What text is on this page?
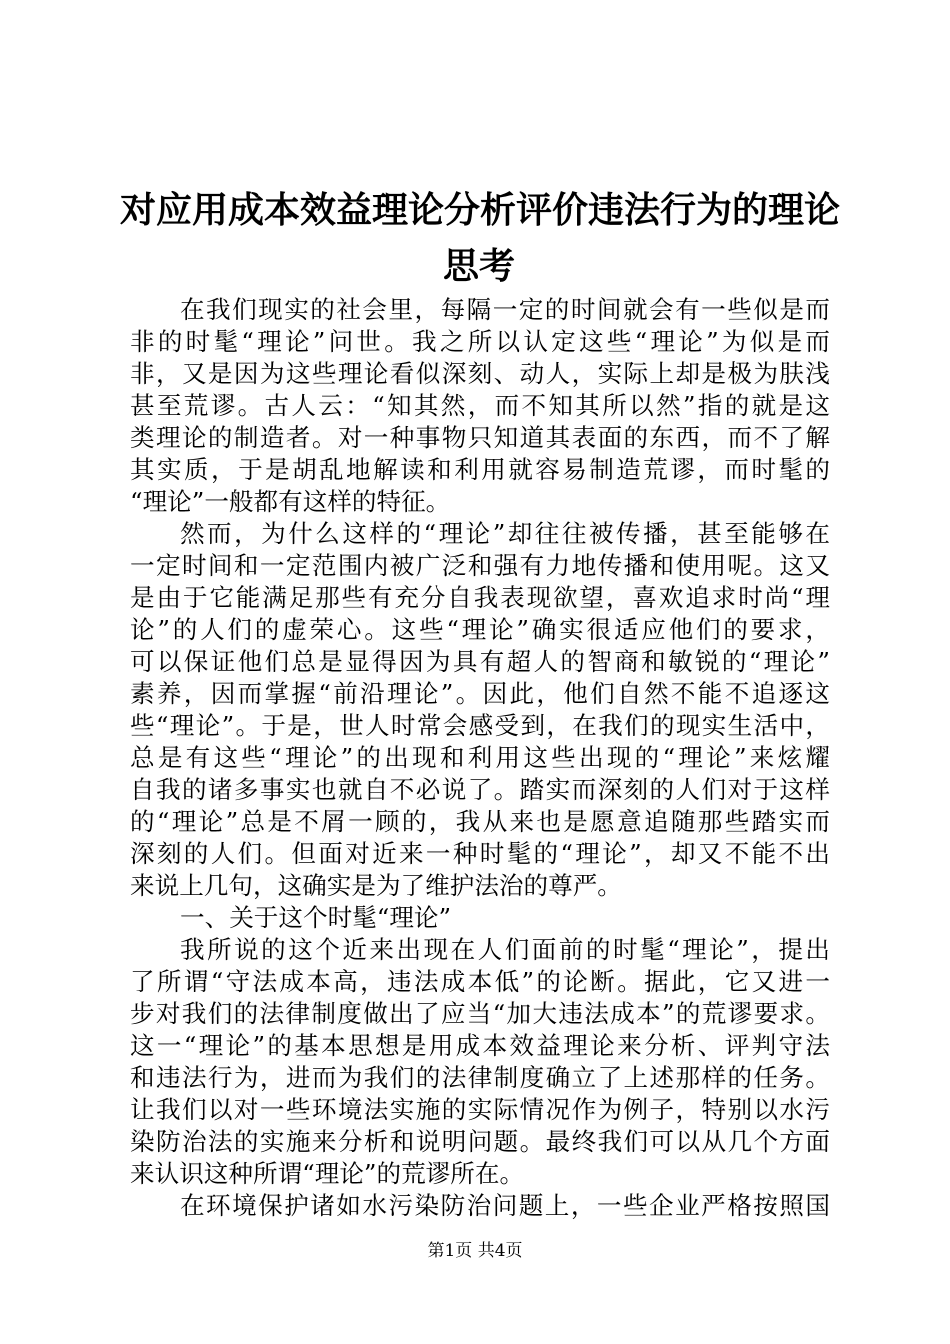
对应用成本效益理论分析评价违法行为的理论
思考
在我们现实的社会里，每隔一定的时间就会有一些似是而
非的时髦“理论”问世。我之所以认定这些“理论”为似是而
非，又是因为这些理论看似深刻、动人，实际上却是极为肤浅
甚至荒谬。古人云：“知其然，而不知其所以然”指的就是这
类理论的制造者。对一种事物只知道其表面的东西，而不了解
其实质，于是胡乱地解读和利用就容易制造荒谬，而时髦的
“理论”一般都有这样的特征。
然而，为什么这样的“理论”却往往被传播，甚至能够在
一定时间和一定范围内被广泛和强有力地传播和使用呢。这又
是由于它能满足那些有充分自我表现欲望，喜欢追求时尚“理
论”的人们的虚荣心。这些“理论”确实很适应他们的要求，
可以保证他们总是显得因为具有超人的智商和敏锐的“理论”
素养，因而掌握“前沿理论”。因此，他们自然不能不追逐这
些“理论”。于是，世人时常会感受到，在我们的现实生活中，
总是有这些“理论”的出现和利用这些出现的“理论”来炫耀
自我的诸多事实也就自不必说了。踏实而深刻的人们对于这样
的“理论”总是不屑一顾的，我从来也是愿意追随那些踏实而
深刻的人们。但面对近来一种时髦的“理论”，却又不能不出
来说上几句，这确实是为了维护法治的尊严。
一、关于这个时髦“理论”
我所说的这个近来出现在人们面前的时髦“理论”，提出
了所谓“守法成本高，违法成本低”的论断。据此，它又进一
步对我们的法律制度做出了应当“加大违法成本”的荒谬要求。
这一“理论”的基本思想是用成本效益理论来分析、评判守法
和违法行为，进而为我们的法律制度确立了上述那样的任务。
让我们以对一些环境法实施的实际情况作为例子，特别以水污
染防治法的实施来分析和说明问题。最终我们可以从几个方面
来认识这种所谓“理论”的荒谬所在。
在环境保护诸如水污染防治问题上，一些企业严格按照国
第1页 共4页
